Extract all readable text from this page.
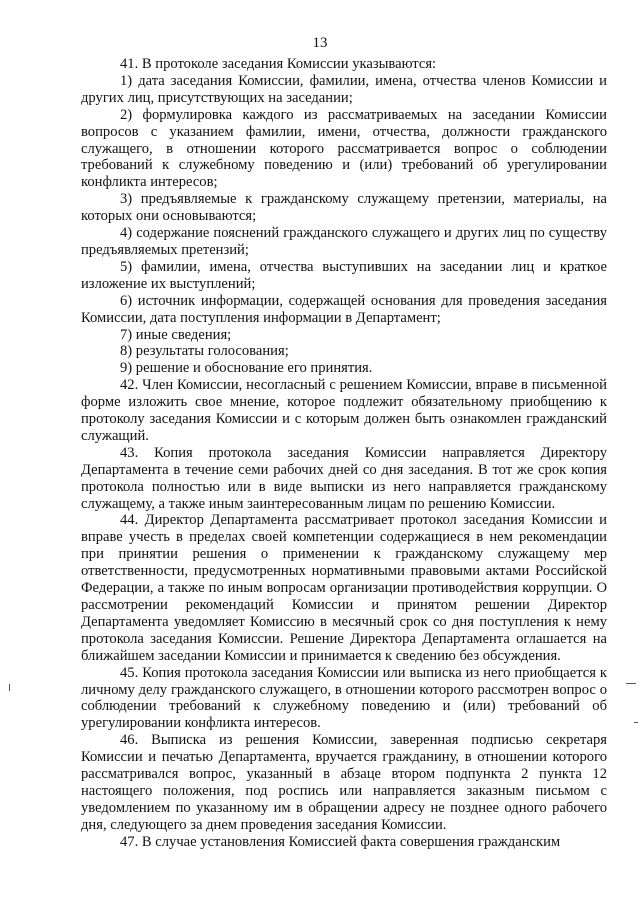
13

41. В протоколе заседания Комиссии указываются:

1) дата заседания Комиссии, фамилии, имена, отчества членов Комиссии и других лиц, присутствующих на заседании;

2) формулировка каждого из рассматриваемых на заседании Комиссии вопросов с указанием фамилии, имени, отчества, должности гражданского служащего, в отношении которого рассматривается вопрос о соблюдении требований к служебному поведению и (или) требований об урегулировании конфликта интересов;

3) предъявляемые к гражданскому служащему претензии, материалы, на которых они основываются;

4) содержание пояснений гражданского служащего и других лиц по существу предъявляемых претензий;

5) фамилии, имена, отчества выступивших на заседании лиц и краткое изложение их выступлений;

6) источник информации, содержащей основания для проведения заседания Комиссии, дата поступления информации в Департамент;

7) иные сведения;

8) результаты голосования;

9) решение и обоснование его принятия.

42. Член Комиссии, несогласный с решением Комиссии, вправе в письменной форме изложить свое мнение, которое подлежит обязательному приобщению к протоколу заседания Комиссии и с которым должен быть ознакомлен гражданский служащий.

43. Копия протокола заседания Комиссии направляется Директору Департамента в течение семи рабочих дней со дня заседания. В тот же срок копия протокола полностью или в виде выписки из него направляется гражданскому служащему, а также иным заинтересованным лицам по решению Комиссии.

44. Директор Департамента рассматривает протокол заседания Комиссии и вправе учесть в пределах своей компетенции содержащиеся в нем рекомендации при принятии решения о применении к гражданскому служащему мер ответственности, предусмотренных нормативными правовыми актами Российской Федерации, а также по иным вопросам организации противодействия коррупции. О рассмотрении рекомендаций Комиссии и принятом решении Директор Департамента уведомляет Комиссию в месячный срок со дня поступления к нему протокола заседания Комиссии. Решение Директора Департамента оглашается на ближайшем заседании Комиссии и принимается к сведению без обсуждения.

45. Копия протокола заседания Комиссии или выписка из него приобщается к личному делу гражданского служащего, в отношении которого рассмотрен вопрос о соблюдении требований к служебному поведению и (или) требований об урегулировании конфликта интересов.

46. Выписка из решения Комиссии, заверенная подписью секретаря Комиссии и печатью Департамента, вручается гражданину, в отношении которого рассматривался вопрос, указанный в абзаце втором подпункта 2 пункта 12 настоящего положения, под роспись или направляется заказным письмом с уведомлением по указанному им в обращении адресу не позднее одного рабочего дня, следующего за днем проведения заседания Комиссии.

47. В случае установления Комиссией факта совершения гражданским
